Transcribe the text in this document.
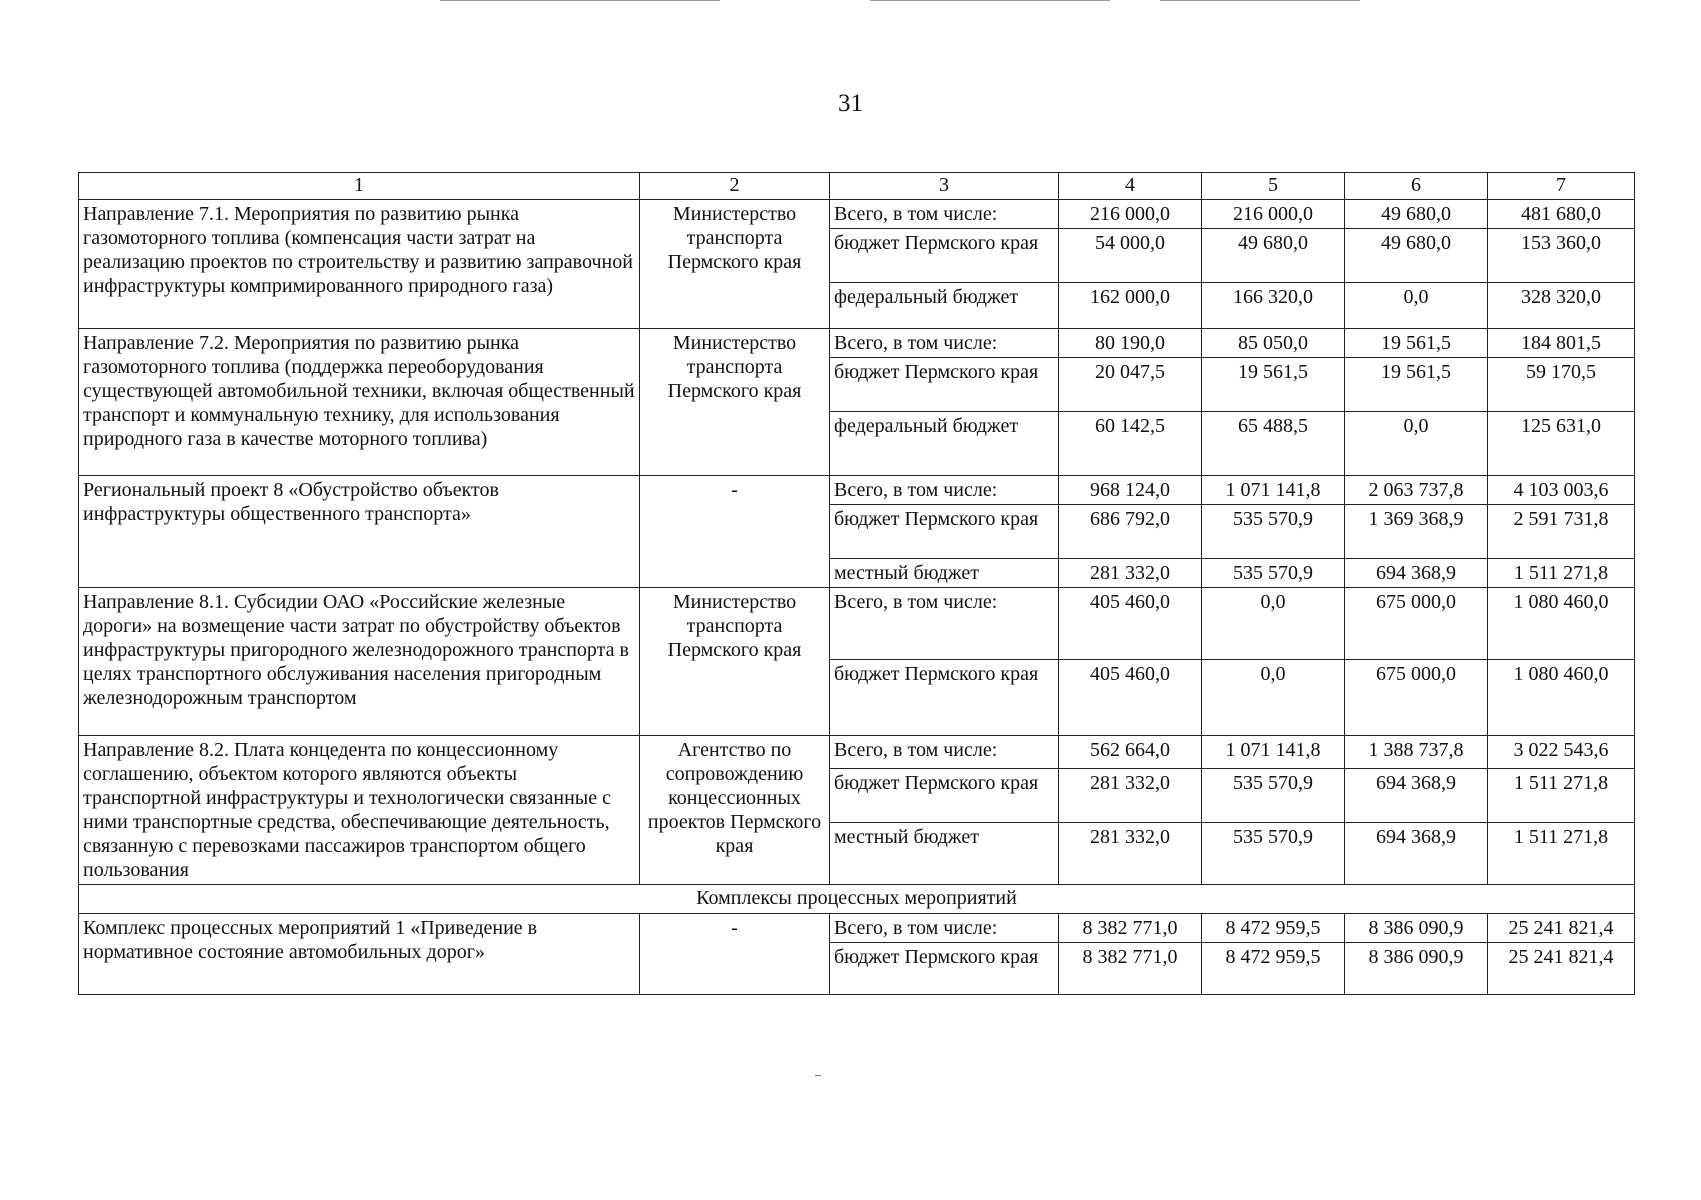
31
1	2	3	4	5	6	7
Направление 7.1. Мероприятия по развитию рынка газомоторного топлива (компенсация части затрат на реализацию проектов по строительству и развитию заправочной инфраструктуры компримированного природного газа)	Министерство транспорта Пермского края	Всего, в том числе:	216 000,0	216 000,0	49 680,0	481 680,0
		бюджет Пермского края	54 000,0	49 680,0	49 680,0	153 360,0
		федеральный бюджет	162 000,0	166 320,0	0,0	328 320,0
Направление 7.2. Мероприятия по развитию рынка газомоторного топлива (поддержка переоборудования существующей автомобильной техники, включая общественный транспорт и коммунальную технику, для использования природного газа в качестве моторного топлива)	Министерство транспорта Пермского края	Всего, в том числе:	80 190,0	85 050,0	19 561,5	184 801,5
		бюджет Пермского края	20 047,5	19 561,5	19 561,5	59 170,5
		федеральный бюджет	60 142,5	65 488,5	0,0	125 631,0
Региональный проект 8 «Обустройство объектов инфраструктуры общественного транспорта»	-	Всего, в том числе:	968 124,0	1 071 141,8	2 063 737,8	4 103 003,6
		бюджет Пермского края	686 792,0	535 570,9	1 369 368,9	2 591 731,8
		местный бюджет	281 332,0	535 570,9	694 368,9	1 511 271,8
Направление 8.1. Субсидии ОАО «Российские железные дороги» на возмещение части затрат по обустройству объектов инфраструктуры пригородного железнодорожного транспорта в целях транспортного обслуживания населения пригородным железнодорожным транспортом	Министерство транспорта Пермского края	Всего, в том числе:	405 460,0	0,0	675 000,0	1 080 460,0
		бюджет Пермского края	405 460,0	0,0	675 000,0	1 080 460,0
Направление 8.2. Плата концедента по концессионному соглашению, объектом которого являются объекты транспортной инфраструктуры и технологически связанные с ними транспортные средства, обеспечивающие деятельность, связанную с перевозками пассажиров транспортом общего пользования	Агентство по сопровождению концессионных проектов Пермского края	Всего, в том числе:	562 664,0	1 071 141,8	1 388 737,8	3 022 543,6
		бюджет Пермского края	281 332,0	535 570,9	694 368,9	1 511 271,8
		местный бюджет	281 332,0	535 570,9	694 368,9	1 511 271,8
Комплексы процессных мероприятий						
Комплекс процессных мероприятий 1 «Приведение в нормативное состояние автомобильных дорог»	-	Всего, в том числе:	8 382 771,0	8 472 959,5	8 386 090,9	25 241 821,4
		бюджет Пермского края	8 382 771,0	8 472 959,5	8 386 090,9	25 241 821,4
